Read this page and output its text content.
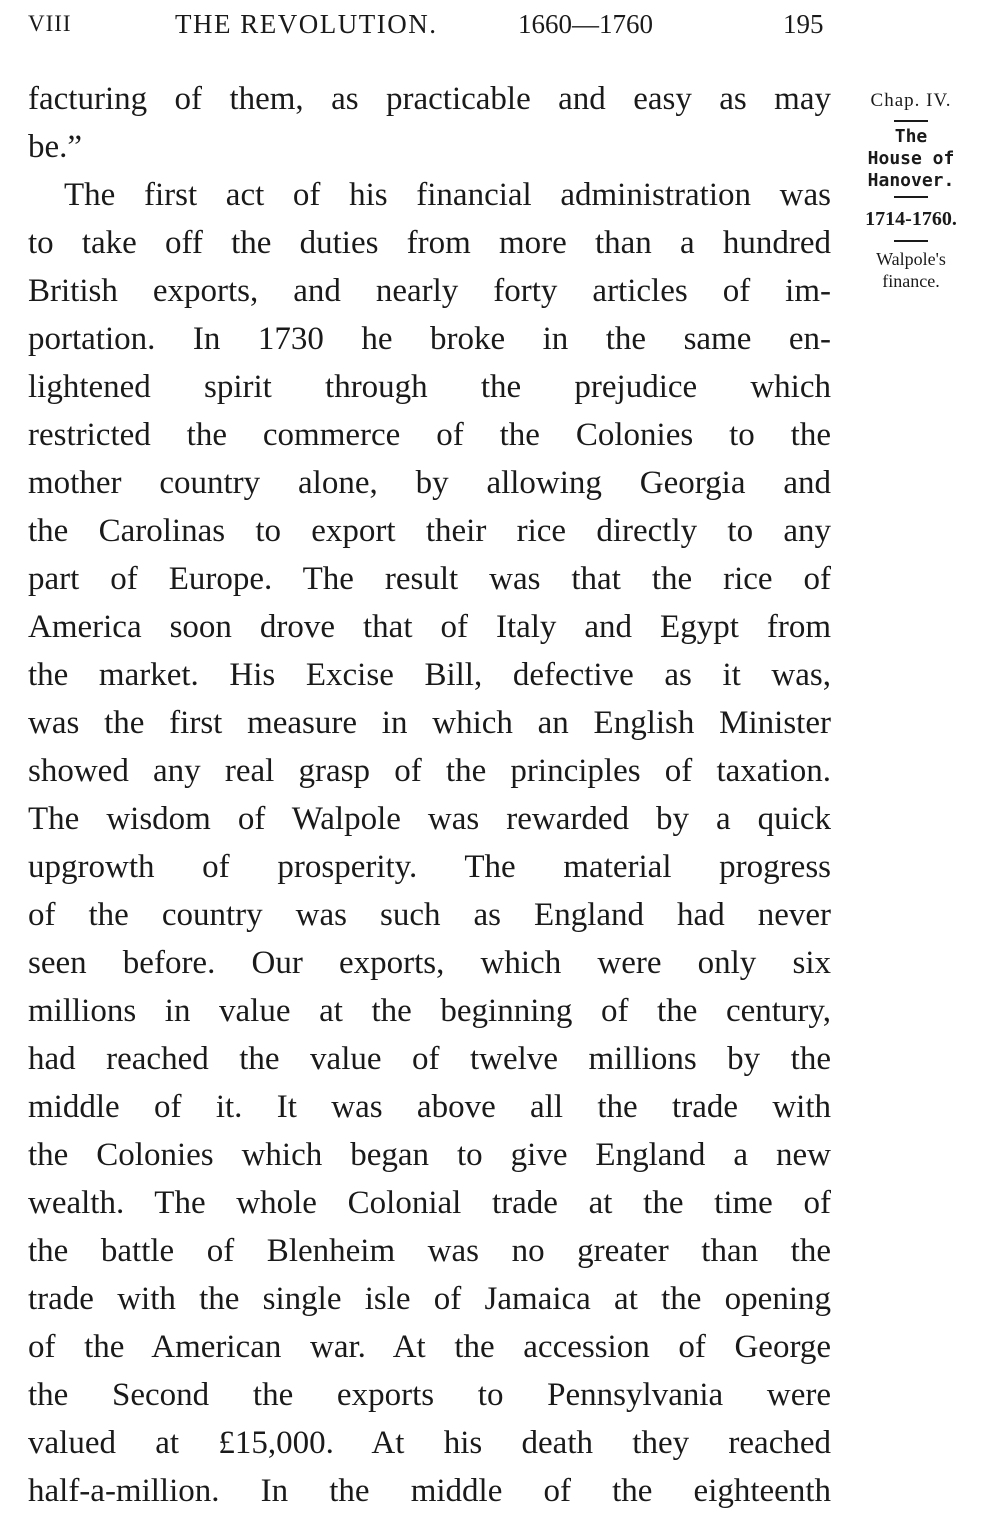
VIII	THE REVOLUTION.	1660—1760	195
facturing of them, as practicable and easy as may
be.”
The first act of his financial administration was
to take off the duties from more than a hundred
British exports, and nearly forty articles of im-
portation. In 1730 he broke in the same en-
lightened spirit through the prejudice which
restricted the commerce of the Colonies to the
mother country alone, by allowing Georgia and
the Carolinas to export their rice directly to any
part of Europe. The result was that the rice of
America soon drove that of Italy and Egypt from
the market. His Excise Bill, defective as it was,
was the first measure in which an English Minister
showed any real grasp of the principles of taxation.
The wisdom of Walpole was rewarded by a quick
upgrowth of prosperity. The material progress
of the country was such as England had never
seen before. Our exports, which were only six
millions in value at the beginning of the century,
had reached the value of twelve millions by the
middle of it. It was above all the trade with
the Colonies which began to give England a new
wealth. The whole Colonial trade at the time of
the battle of Blenheim was no greater than the
trade with the single isle of Jamaica at the opening
of the American war. At the accession of George
the Second the exports to Pennsylvania were
valued at £15,000. At his death they reached
half-a-million. In the middle of the eighteenth
Chap. IV.
The
House of
Hanover.
1714-1760.
Walpole's
finance.
